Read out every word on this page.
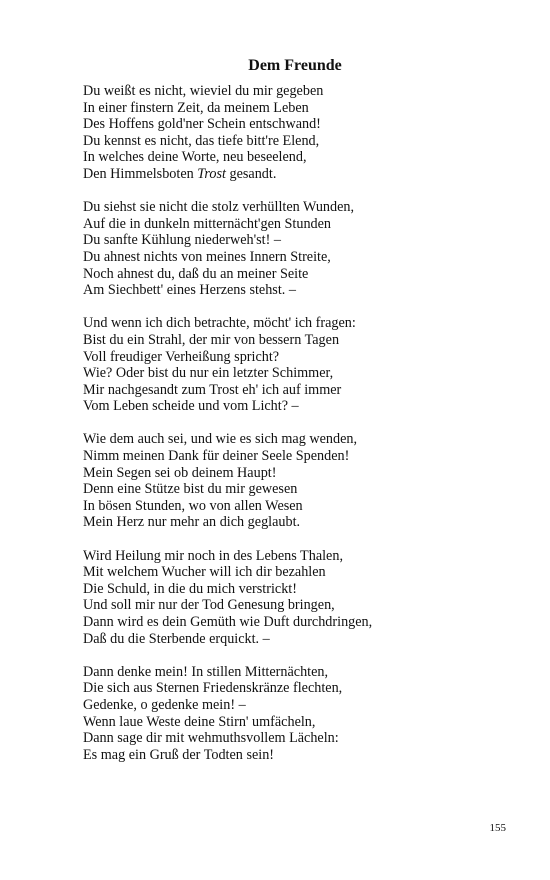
Dem Freunde
Du weißt es nicht, wieviel du mir gegeben
In einer finstern Zeit, da meinem Leben
Des Hoffens gold'ner Schein entschwand!
Du kennst es nicht, das tiefe bitt're Elend,
In welches deine Worte, neu beseelend,
Den Himmelsboten Trost gesandt.
Du siehst sie nicht die stolz verhüllten Wunden,
Auf die in dunkeln mitternächt'gen Stunden
Du sanfte Kühlung niederweh'st! –
Du ahnest nichts von meines Innern Streite,
Noch ahnest du, daß du an meiner Seite
Am Siechbett' eines Herzens stehst. –
Und wenn ich dich betrachte, möcht' ich fragen:
Bist du ein Strahl, der mir von bessern Tagen
Voll freudiger Verheißung spricht?
Wie? Oder bist du nur ein letzter Schimmer,
Mir nachgesandt zum Trost eh' ich auf immer
Vom Leben scheide und vom Licht? –
Wie dem auch sei, und wie es sich mag wenden,
Nimm meinen Dank für deiner Seele Spenden!
Mein Segen sei ob deinem Haupt!
Denn eine Stütze bist du mir gewesen
In bösen Stunden, wo von allen Wesen
Mein Herz nur mehr an dich geglaubt.
Wird Heilung mir noch in des Lebens Thalen,
Mit welchem Wucher will ich dir bezahlen
Die Schuld, in die du mich verstrickt!
Und soll mir nur der Tod Genesung bringen,
Dann wird es dein Gemüth wie Duft durchdringen,
Daß du die Sterbende erquickt. –
Dann denke mein! In stillen Mitternächten,
Die sich aus Sternen Friedenskränze flechten,
Gedenke, o gedenke mein! –
Wenn laue Weste deine Stirn' umfächeln,
Dann sage dir mit wehmuthsvollem Lächeln:
Es mag ein Gruß der Todten sein!
155
